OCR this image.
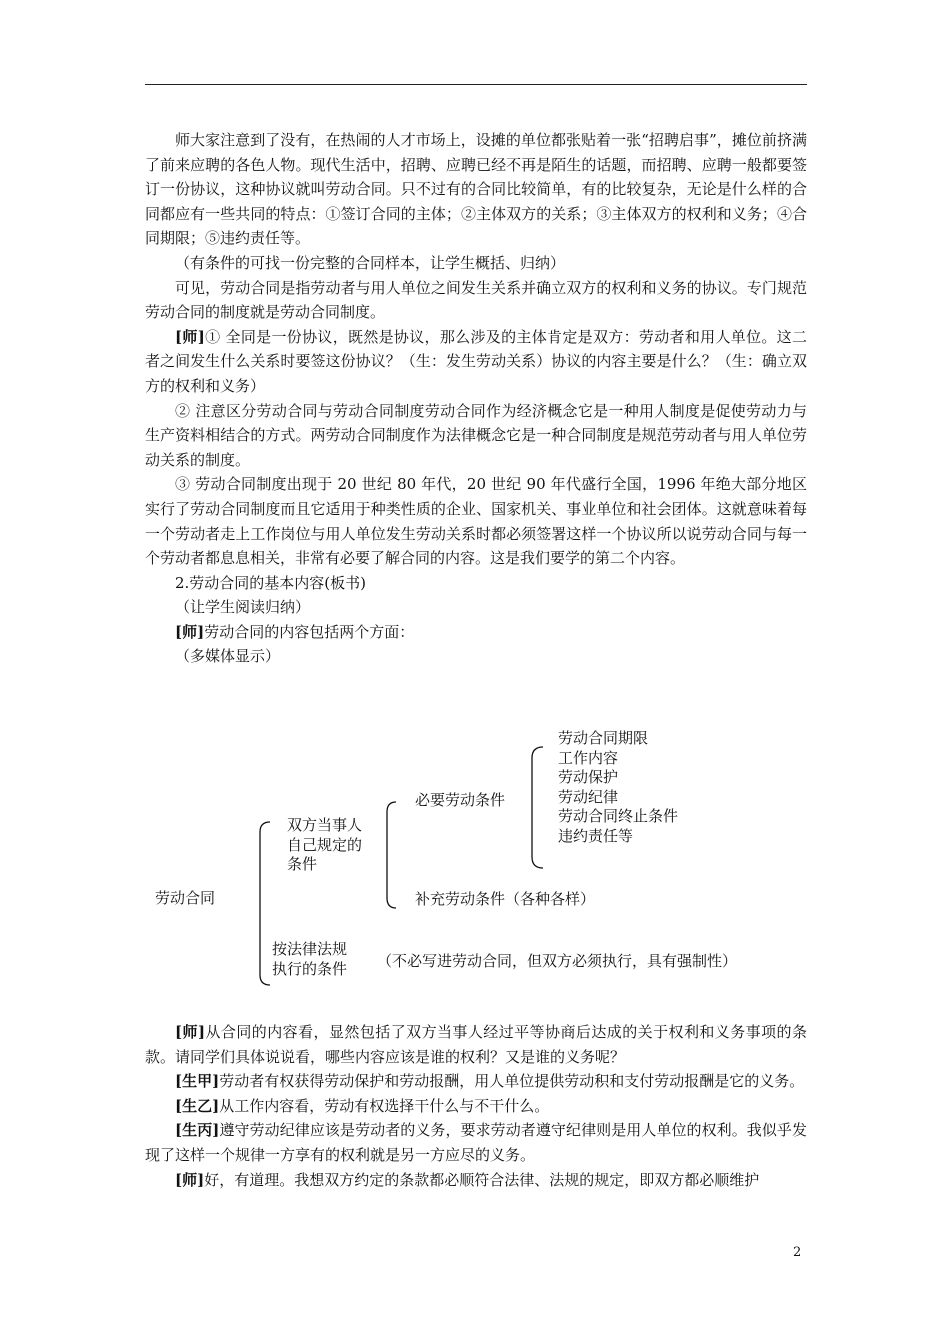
师大家注意到了没有，在热闹的人才市场上，设摊的单位都张贴着一张“招聘启事”，摊位前挤满了前来应聘的各色人物。现代生活中，招聘、应聘已经不再是陌生的话题，而招聘、应聘一般都要签订一份协议，这种协议就叫劳动合同。只不过有的合同比较简单，有的比较复杂，无论是什么样的合同都应有一些共同的特点：①签订合同的主体；②主体双方的关系；③主体双方的权利和义务；④合同期限；⑤违约责任等。

（有条件的可找一份完整的合同样本，让学生概括、归纳）

可见，劳动合同是指劳动者与用人单位之间发生关系并确立双方的权利和义务的协议。专门规范劳动合同的制度就是劳动合同制度。

[师]① 全同是一份协议，既然是协议，那么涉及的主体肯定是双方：劳动者和用人单位。这二者之间发生什么关系时要签这份协议？（生：发生劳动关系）协议的内容主要是什么？（生：确立双方的权利和义务）

② 注意区分劳动合同与劳动合同制度劳动合同作为经济概念它是一种用人制度是促使劳动力与生产资料相结合的方式。两劳动合同制度作为法律概念它是一种合同制度是规范劳动者与用人单位劳动关系的制度。

③ 劳动合同制度出现于 20 世纪 80 年代，20 世纪 90 年代盛行全国，1996 年绝大部分地区实行了劳动合同制度而且它适用于种类性质的企业、国家机关、事业单位和社会团体。这就意味着每一个劳动者走上工作岗位与用人单位发生劳动关系时都必须签署这样一个协议所以说劳动合同与每一个劳动者都息息相关，非常有必要了解合同的内容。这是我们要学的第二个内容。

2.劳动合同的基本内容(板书)

（让学生阅读归纳）

[师]劳动合同的内容包括两个方面：

（多媒体显示）

劳动合同
双方当事人
自己规定的
条件
必要劳动条件
劳动合同期限
工作内容
劳动保护
劳动纪律
劳动合同终止条件
违约责任等
补充劳动条件（各种各样）
按法律法规
执行的条件 （不必写进劳动合同，但双方必须执行，具有强制性）

[师]从合同的内容看，显然包括了双方当事人经过平等协商后达成的关于权利和义务事项的条款。请同学们具体说说看，哪些内容应该是谁的权利？又是谁的义务呢？

[生甲]劳动者有权获得劳动保护和劳动报酬，用人单位提供劳动积和支付劳动报酬是它的义务。

[生乙]从工作内容看，劳动有权选择干什么与不干什么。

[生丙]遵守劳动纪律应该是劳动者的义务，要求劳动者遵守纪律则是用人单位的权利。我似乎发现了这样一个规律一方享有的权利就是另一方应尽的义务。

[师]好，有道理。我想双方约定的条款都必顺符合法律、法规的规定，即双方都必顺维护

2
